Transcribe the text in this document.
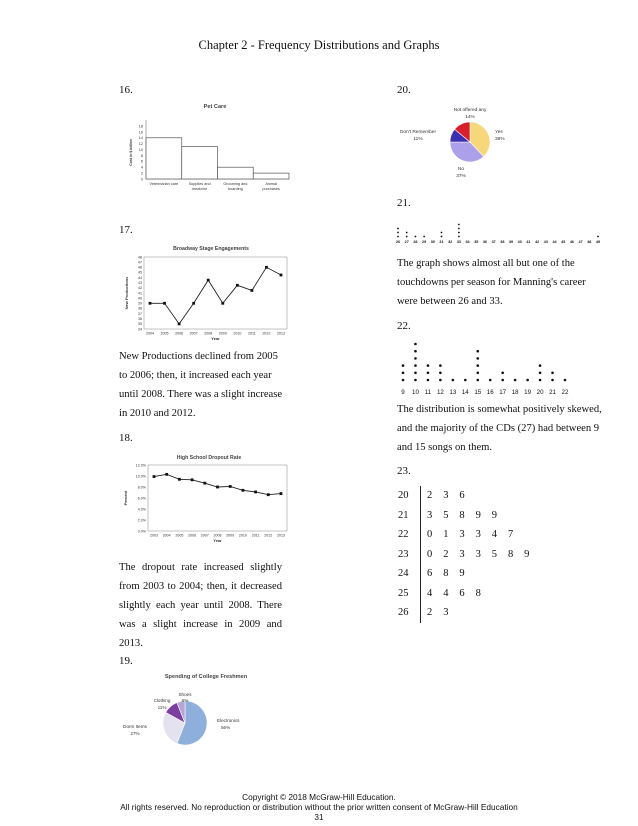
Chapter 2 - Frequency Distributions and Graphs
16.
Pet Care
Cost in $ billion
0
2
4
6
8
10
12
14
16
18
Veterinarian care	Supplies and
medicine
Grooming and
boarding
Animal
purchases
17.
Broadway Stage Engagements
New Productions
34
35
36
37
38
39
40
41
42
43
44
45
46
47
48
2004 2005 2006 2007 2008 2009 2010 2011 2012 2013
Year
New Productions declined from 2005 to 2006; then, it increased each year until 2008. There was a slight increase in 2010 and 2012.
18.
High School Dropout Rate
Percent
0.0%
2.0%
4.0%
6.0%
8.0%
10.0%
12.0%
2003 2004 2005 2006 2007 2008 2009 2010 2011 2012 2013
Year
The dropout rate increased slightly from 2003 to 2004; then, it decreased slightly each year until 2008. There was a slight increase in 2009 and 2013.
19.
Spending of College Freshmen
Electronics
56%
Dorm Items
27%
Clothing
11%
Shoes
6%
20.
Yes
38%
No
37%
Don't Remember
11%
Not offered any
14%
21.
26 27 28 29 30 31 32 33 34 35 36 37 38 39 40 41 42 43 44 45 46 47 48 49
The graph shows almost all but one of the touchdowns per season for Manning's career were between 26 and 33.
22.
9 10 11 12 13 14 15 16 17 18 19 20 21 22
The distribution is somewhat positively skewed, and the majority of the CDs (27) had between 9 and 15 songs on them.
23.
20	2 3 6
21	3 5 8 9 9
22	0 1 3 3 4 7
23	0 2 3 3 5 8 9
24	6 8 9
25	4 4 6 8
26	2 3
Copyright © 2018 McGraw-Hill Education.
All rights reserved. No reproduction or distribution without the prior written consent of McGraw-Hill Education
31
